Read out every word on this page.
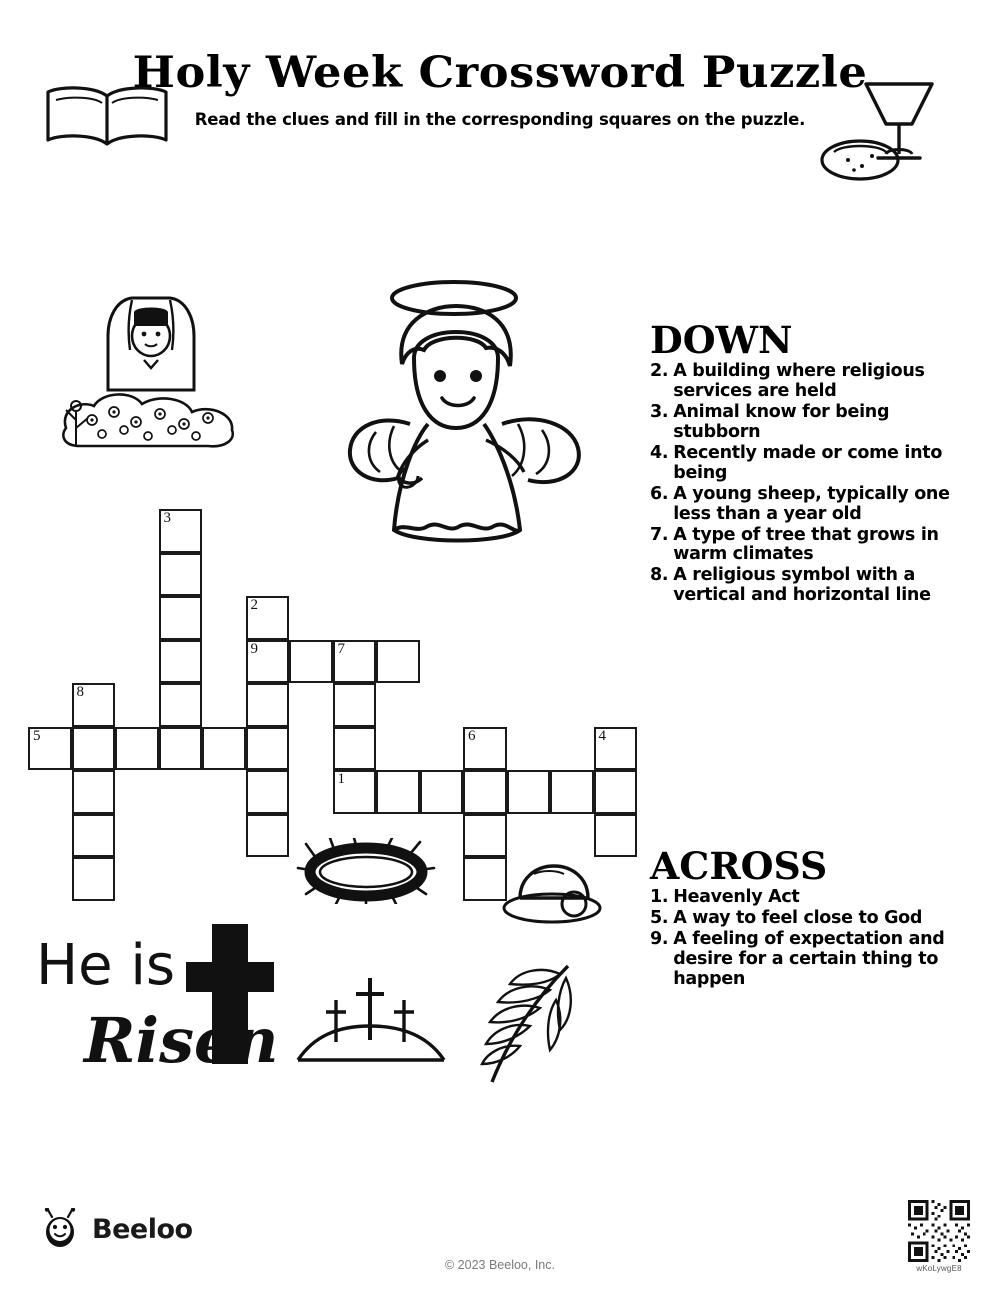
Holy Week Crossword Puzzle
Read the clues and fill in the corresponding squares on the puzzle.
3
2
9	7
1
8
5	6	4
DOWN
2. A building where religious services are held
3. Animal know for being stubborn
4. Recently made or come into being
6. A young sheep, typically one less than a year old
7. A type of tree that grows in warm climates
8. A religious symbol with a vertical and horizontal line
ACROSS
1. Heavenly Act
5. A way to feel close to God
9. A feeling of expectation and desire for a certain thing to happen
He is
Risen
Beeloo
© 2023 Beeloo, Inc.	wKoLywgE8
